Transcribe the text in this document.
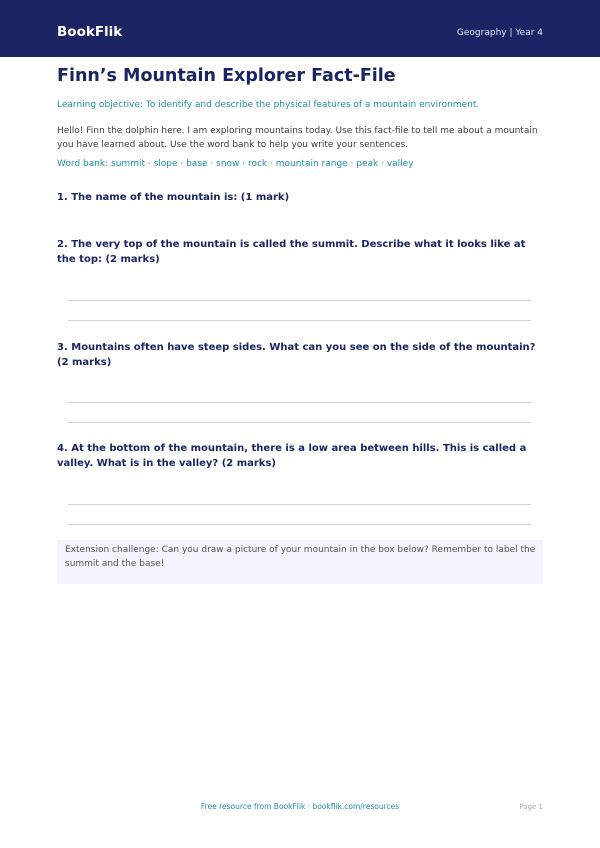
BookFlik	Geography | Year 4
Finn’s Mountain Explorer Fact-File
Learning objective: To identify and describe the physical features of a mountain environment.
Hello! Finn the dolphin here. I am exploring mountains today. Use this fact-file to tell me about a mountain you have learned about. Use the word bank to help you write your sentences.
Word bank: summit · slope · base · snow · rock · mountain range · peak · valley
1. The name of the mountain is: (1 mark)
2. The very top of the mountain is called the summit. Describe what it looks like at the top: (2 marks)
3. Mountains often have steep sides. What can you see on the side of the mountain? (2 marks)
4. At the bottom of the mountain, there is a low area between hills. This is called a valley. What is in the valley? (2 marks)
Extension challenge: Can you draw a picture of your mountain in the box below? Remember to label the summit and the base!
Free resource from BookFlik · bookflik.com/resources	Page 1
